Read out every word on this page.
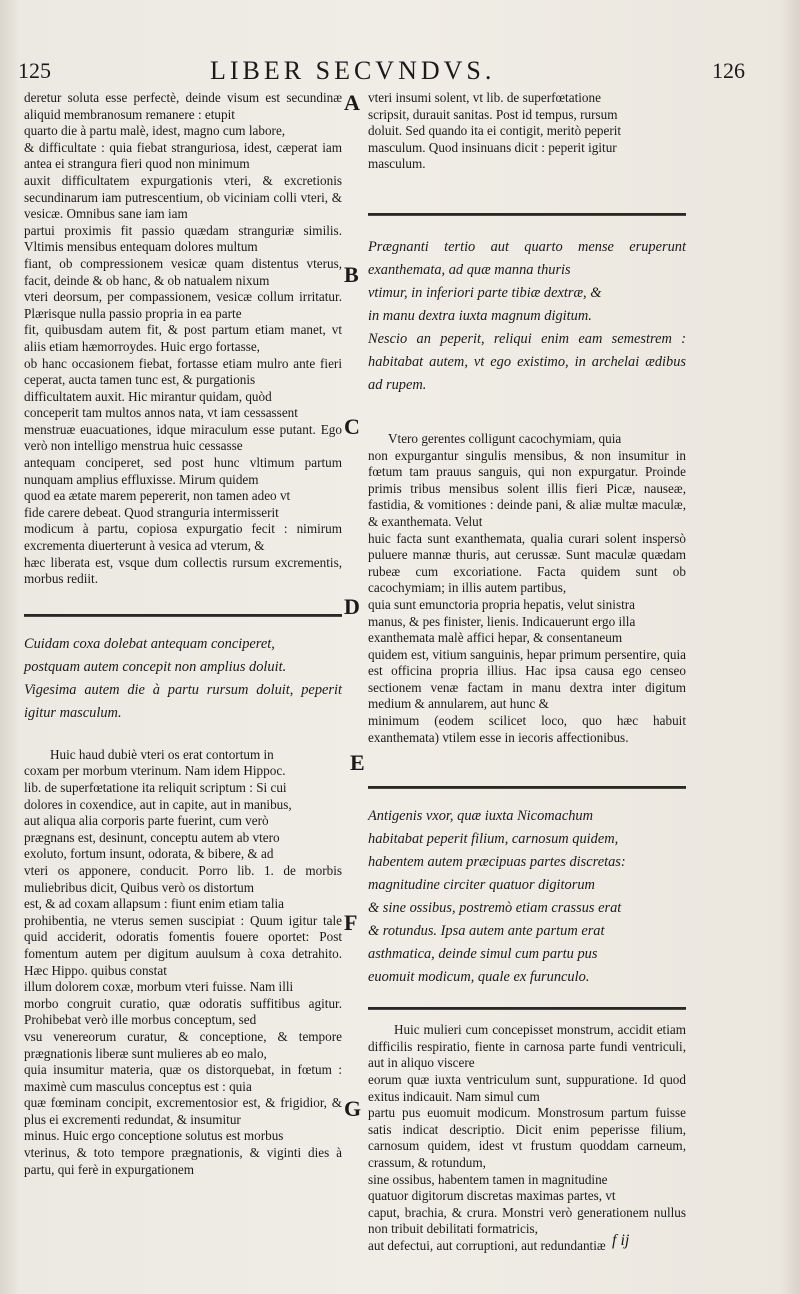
125	LIBER SECVNDVS.	126

deretur soluta esse perfectè, deinde visum est secundinæ aliquid membranosum remanere : etupit
quarto die à partu malè, idest, magno cum labore,
& difficultate : quia fiebat stranguriosa, idest, cæperat iam antea ei strangura fieri quod non minimum
auxit difficultatem expurgationis vteri, & excretionis secundinarum iam putrescentium, ob viciniam colli vteri, & vesicæ. Omnibus sane iam iam
partui proximis fit passio quædam stranguriæ similis. Vltimis mensibus entequam dolores multum
fiant, ob compressionem vesicæ quam distentus vterus, facit, deinde & ob hanc, & ob natualem nixum
vteri deorsum, per compassionem, vesicæ collum irritatur. Plærisque nulla passio propria in ea parte
fit, quibusdam autem fit, & post partum etiam manet, vt aliis etiam hæmorroydes. Huic ergo fortasse,
ob hanc occasionem fiebat, fortasse etiam mulro ante fieri ceperat, aucta tamen tunc est, & purgationis
difficultatem auxit. Hic mirantur quidam, quòd
conceperit tam multos annos nata, vt iam cessassent
menstruæ euacuationes, idque miraculum esse putant. Ego verò non intelligo menstrua huic cessasse
antequam conciperet, sed post hunc vltimum partum nunquam amplius effluxisse. Mirum quidem
quod ea ætate marem pepererit, non tamen adeo vt
fide carere debeat. Quod stranguria intermisserit
modicum à partu, copiosa expurgatio fecit : nimirum excrementa diuerterunt à vesica ad vterum, &
hæc liberata est, vsque dum collectis rursum excrementis, morbus rediit.

Cuidam coxa dolebat antequam conciperet,
postquam autem concepit non amplius doluit.
Vigesima autem die à partu rursum doluit, peperit igitur masculum.

Huic haud dubiè vteri os erat contortum in
coxam per morbum vterinum. Nam idem Hippoc.
lib. de superfœtatione ita reliquit scriptum : Si cui
dolores in coxendice, aut in capite, aut in manibus,
aut aliqua alia corporis parte fuerint, cum verò
prægnans est, desinunt, conceptu autem ab vtero
exoluto, fortum insunt, odorata, & bibere, & ad
vteri os apponere, conducit. Porro lib. 1. de morbis muliebribus dicit, Quibus verò os distortum
est, & ad coxam allapsum : fiunt enim etiam talia
prohibentia, ne vterus semen suscipiat : Quum igitur tale quid acciderit, odoratis fomentis fouere oportet: Post fomentum autem per digitum auulsum à coxa detrahito. Hæc Hippo. quibus constat
illum dolorem coxæ, morbum vteri fuisse. Nam illi
morbo congruit curatio, quæ odoratis suffitibus agitur. Prohibebat verò ille morbus conceptum, sed
vsu venereorum curatur, & conceptione, & tempore prægnationis liberæ sunt mulieres ab eo malo,
quia insumitur materia, quæ os distorquebat, in fœtum : maximè cum masculus conceptus est : quia
quæ fœminam concipit, excrementosior est, & frigidior, & plus ei excrementi redundat, & insumitur
minus. Huic ergo conceptione solutus est morbus
vterinus, & toto tempore prægnationis, & viginti dies à partu, qui ferè in expurgationem

vteri insumi solent, vt lib. de superfœtatione
scripsit, durauit sanitas. Post id tempus, rursum
doluit. Sed quando ita ei contigit, meritò peperit
masculum. Quod insinuans dicit : peperit igitur
masculum.

Prægnanti tertio aut quarto mense eruperunt exanthemata, ad quæ manna thuris
vtimur, in inferiori parte tibiæ dextræ, &
in manu dextra iuxta magnum digitum.
Nescio an peperit, reliqui enim eam semestrem : habitabat autem, vt ego existimo, in archelai ædibus ad rupem.

Vtero gerentes colligunt cacochymiam, quia
non expurgantur singulis mensibus, & non insumitur in fœtum tam prauus sanguis, qui non expurgatur. Proinde primis tribus mensibus solent illis fieri Picæ, nauseæ, fastidia, & vomitiones : deinde pani, & aliæ multæ maculæ, & exanthemata. Velut
huic facta sunt exanthemata, qualia curari solent inspersò puluere mannæ thuris, aut cerussæ. Sunt maculæ quædam rubeæ cum excoriatione. Facta quidem sunt ob cacochymiam; in illis autem partibus,
quia sunt emunctoria propria hepatis, velut sinistra
manus, & pes finister, lienis. Indicauerunt ergo illa
exanthemata malè affici hepar, & consentaneum
quidem est, vitium sanguinis, hepar primum persentire, quia est officina propria illius. Hac ipsa causa ego censeo sectionem venæ factam in manu dextra inter digitum medium & annularem, aut hunc &
minimum (eodem scilicet loco, quo hæc habuit exanthemata) vtilem esse in iecoris affectionibus.

Antigenis vxor, quæ iuxta Nicomachum
habitabat peperit filium, carnosum quidem,
habentem autem præcipuas partes discretas:
magnitudine circiter quatuor digitorum
& sine ossibus, postremò etiam crassus erat
& rotundus. Ipsa autem ante partum erat
asthmatica, deinde simul cum partu pus
euomuit modicum, quale ex furunculo.

Huic mulieri cum concepisset monstrum, accidit etiam difficilis respiratio, fiente in carnosa parte fundi ventriculi, aut in aliquo viscere
eorum quæ iuxta ventriculum sunt, suppuratione. Id quod exitus indicauit. Nam simul cum
partu pus euomuit modicum. Monstrosum partum fuisse satis indicat descriptio. Dicit enim peperisse filium, carnosum quidem, idest vt frustum quoddam carneum, crassum, & rotundum,
sine ossibus, habentem tamen in magnitudine
quatuor digitorum discretas maximas partes, vt
caput, brachia, & crura. Monstri verò generationem nullus non tribuit debilitati formatricis,
aut defectui, aut corruptioni, aut redundantiæ

A
B
C
D
E
F
G
f ij
